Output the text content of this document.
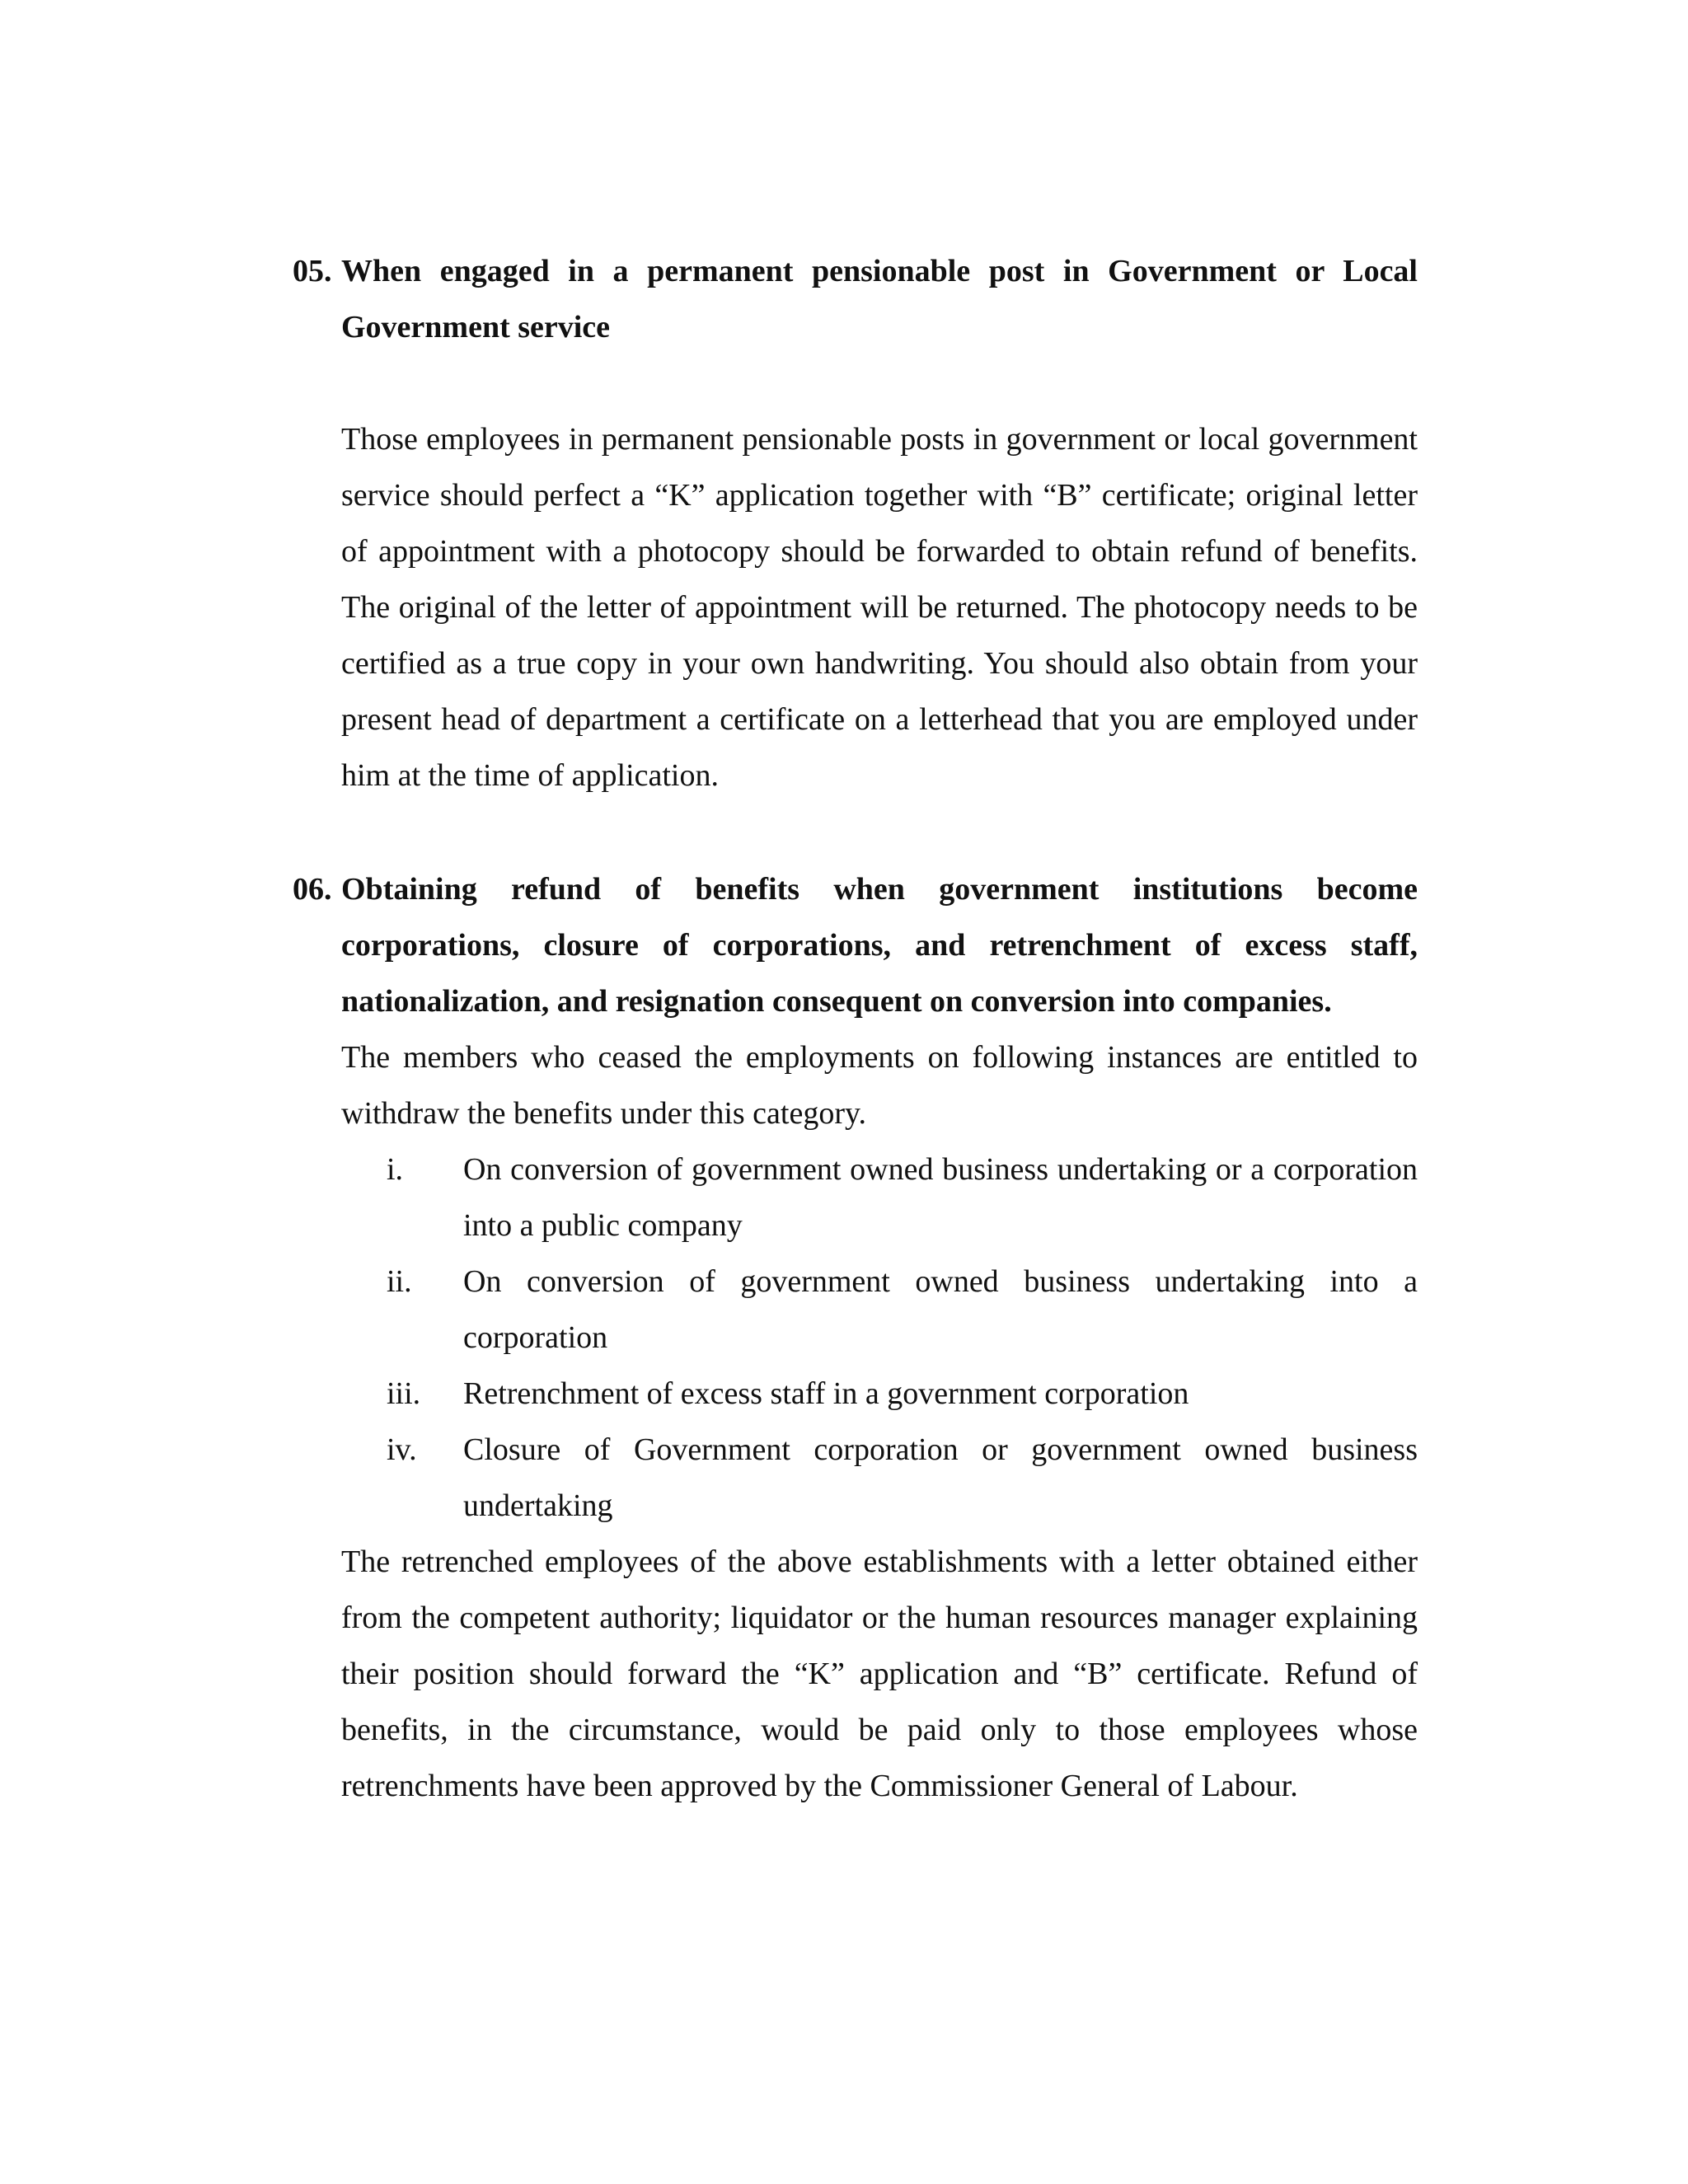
05. When engaged in a permanent pensionable post in Government or Local Government service
Those employees in permanent pensionable posts in government or local government service should perfect a “K” application together with “B” certificate; original letter of appointment with a photocopy should be forwarded to obtain refund of benefits. The original of the letter of appointment will be returned. The photocopy needs to be certified as a true copy in your own handwriting. You should also obtain from your present head of department a certificate on a letterhead that you are employed under him at the time of application.
06. Obtaining refund of benefits when government institutions become corporations, closure of corporations, and retrenchment of excess staff, nationalization, and resignation consequent on conversion into companies.
The members who ceased the employments on following instances are entitled to withdraw the benefits under this category.
i. On conversion of government owned business undertaking or a corporation into a public company
ii. On conversion of government owned business undertaking into a corporation
iii. Retrenchment of excess staff in a government corporation
iv. Closure of Government corporation or government owned business undertaking
The retrenched employees of the above establishments with a letter obtained either from the competent authority; liquidator or the human resources manager explaining their position should forward the “K” application and “B” certificate. Refund of benefits, in the circumstance, would be paid only to those employees whose retrenchments have been approved by the Commissioner General of Labour.
